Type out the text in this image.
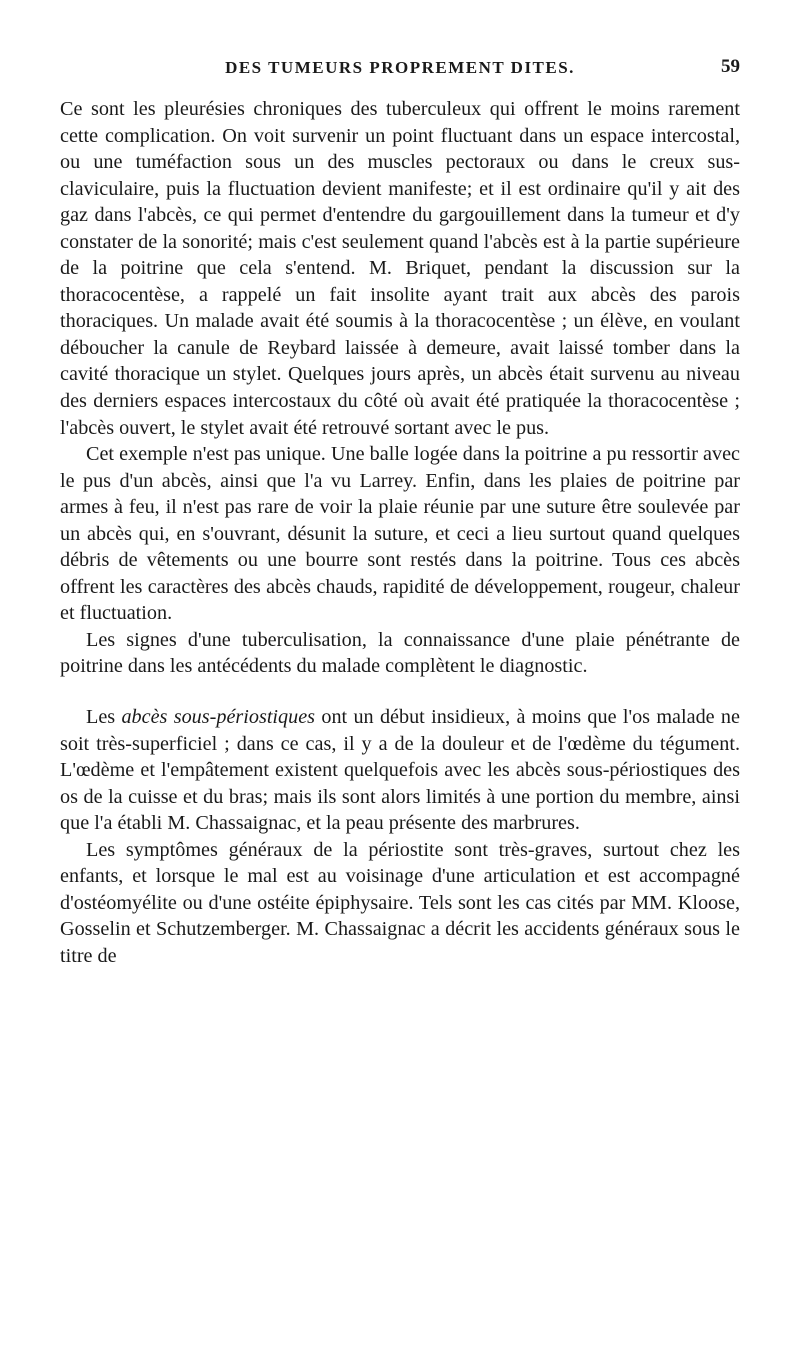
DES TUMEURS PROPREMENT DITES.	59

Ce sont les pleurésies chroniques des tuberculeux qui offrent le moins rarement cette complication. On voit survenir un point fluctuant dans un espace intercostal, ou une tuméfaction sous un des muscles pectoraux ou dans le creux sus-claviculaire, puis la fluctuation devient manifeste; et il est ordinaire qu'il y ait des gaz dans l'abcès, ce qui permet d'entendre du gargouillement dans la tumeur et d'y constater de la sonorité; mais c'est seulement quand l'abcès est à la partie supérieure de la poitrine que cela s'entend. M. Briquet, pendant la discussion sur la thoracocentèse, a rappelé un fait insolite ayant trait aux abcès des parois thoraciques. Un malade avait été soumis à la thoracocentèse ; un élève, en voulant déboucher la canule de Reybard laissée à demeure, avait laissé tomber dans la cavité thoracique un stylet. Quelques jours après, un abcès était survenu au niveau des derniers espaces intercostaux du côté où avait été pratiquée la thoracocentèse ; l'abcès ouvert, le stylet avait été retrouvé sortant avec le pus.

Cet exemple n'est pas unique. Une balle logée dans la poitrine a pu ressortir avec le pus d'un abcès, ainsi que l'a vu Larrey. Enfin, dans les plaies de poitrine par armes à feu, il n'est pas rare de voir la plaie réunie par une suture être soulevée par un abcès qui, en s'ouvrant, désunit la suture, et ceci a lieu surtout quand quelques débris de vêtements ou une bourre sont restés dans la poitrine. Tous ces abcès offrent les caractères des abcès chauds, rapidité de développement, rougeur, chaleur et fluctuation.

Les signes d'une tuberculisation, la connaissance d'une plaie pénétrante de poitrine dans les antécédents du malade complètent le diagnostic.

Les abcès sous-périostiques ont un début insidieux, à moins que l'os malade ne soit très-superficiel ; dans ce cas, il y a de la douleur et de l'œdème du tégument. L'œdème et l'empâtement existent quelquefois avec les abcès sous-périostiques des os de la cuisse et du bras; mais ils sont alors limités à une portion du membre, ainsi que l'a établi M. Chassaignac, et la peau présente des marbrures.

Les symptômes généraux de la périostite sont très-graves, surtout chez les enfants, et lorsque le mal est au voisinage d'une articulation et est accompagné d'ostéomyélite ou d'une ostéite épiphysaire. Tels sont les cas cités par MM. Kloose, Gosselin et Schutzemberger. M. Chassaignac a décrit les accidents généraux sous le titre de
